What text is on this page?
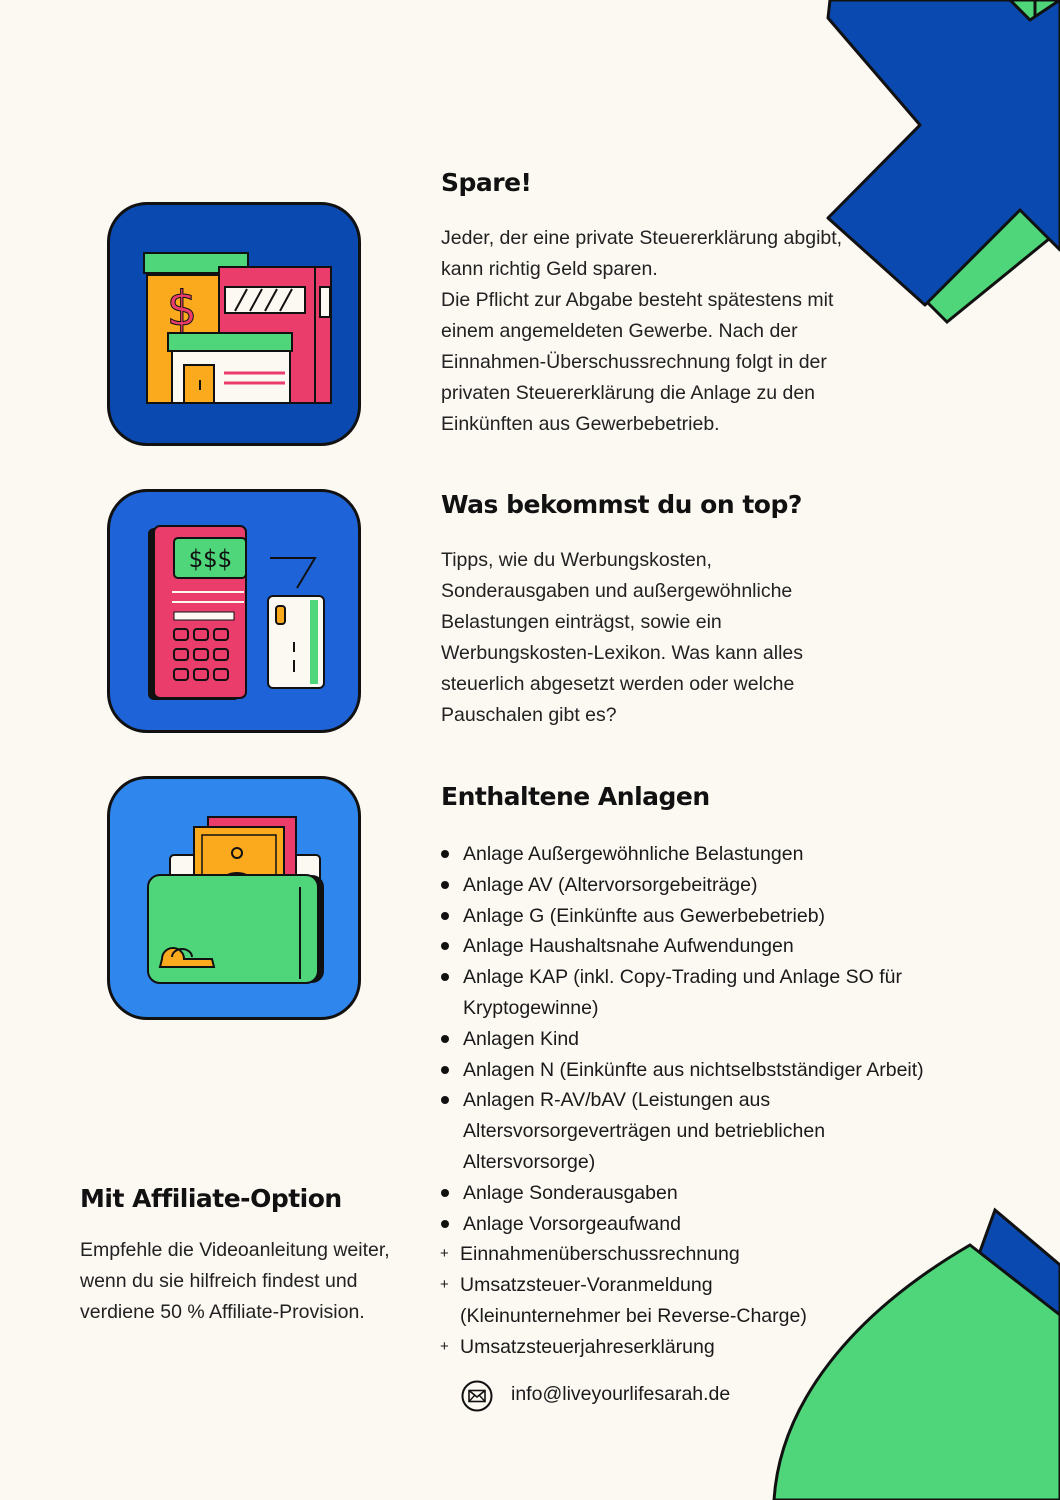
$
$$$
Spare!
Jeder, der eine private Steuererklärung abgibt,
kann richtig Geld sparen.
Die Pflicht zur Abgabe besteht spätestens mit
einem angemeldeten Gewerbe. Nach der
Einnahmen-Überschussrechnung folgt in der
privaten Steuererklärung die Anlage zu den
Einkünften aus Gewerbebetrieb.
Was bekommst du on top?
Tipps, wie du Werbungskosten,
Sonderausgaben und außergewöhnliche
Belastungen einträgst, sowie ein
Werbungskosten-Lexikon. Was kann alles
steuerlich abgesetzt werden oder welche
Pauschalen gibt es?
Enthaltene Anlagen
Anlage Außergewöhnliche Belastungen
Anlage AV (Altervorsorgebeiträge)
Anlage G (Einkünfte aus Gewerbebetrieb)
Anlage Haushaltsnahe Aufwendungen
Anlage KAP (inkl. Copy-Trading und Anlage SO für Kryptogewinne)
Anlagen Kind
Anlagen N (Einkünfte aus nichtselbstständiger Arbeit)
Anlagen R-AV/bAV (Leistungen aus Altersvorsorgeverträgen und betrieblichen Altersvorsorge)
Anlage Sonderausgaben
Anlage Vorsorgeaufwand
+ Einnahmenüberschussrechnung
+ Umsatzsteuer-Voranmeldung (Kleinunternehmer bei Reverse-Charge)
+ Umsatzsteuerjahreserklärung
Mit Affiliate-Option
Empfehle die Videoanleitung weiter,
wenn du sie hilfreich findest und
verdiene 50 % Affiliate-Provision.
info@liveyourlifesarah.de
